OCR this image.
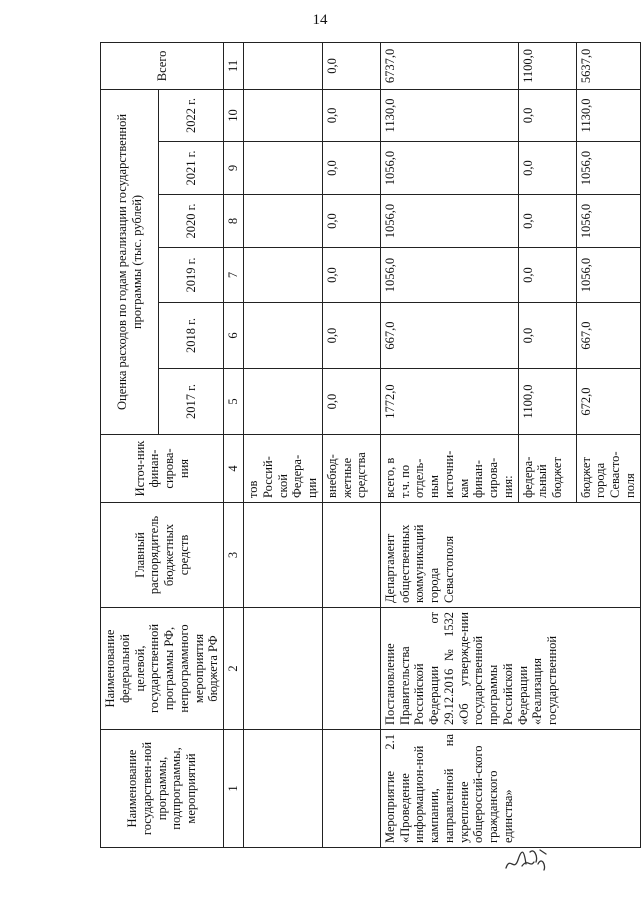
14
Наименование государствен-ной программы, подпрограммы, мероприятий	Наименование федеральной целевой, государственной программы РФ, непрограммного мероприятия бюджета РФ	Главный распорядитель бюджетных средств	Источ-ник финан-сирова-ния	Оценка расходов по годам реализации государственной программы (тыс. рублей)						Всего
				2017 г.	2018 г.	2019 г.	2020 г.	2021 г.	2022 г.	
1	2	3	4	5	6	7	8	9	10	11
			тов Россий-ской Федера-ции							
			внебюд-жетные средства	0,0	0,0	0,0	0,0	0,0	0,0	0,0
Мероприятие 2.1 «Проведение информацион-ной кампании, направленной на укрепление общероссий-ского гражданского единства»	Постановление Правительства Российской Федерации от 29.12.2016 № 1532 «Об утвержде-нии государственной программы Российской Федерации «Реализация государственной	Департамент общественных коммуникаций города Севастополя	всего, в т.ч. по отдель-ным источни-кам финан-сирова-ния:	1772,0	667,0	1056,0	1056,0	1056,0	1130,0	6737,0
			федера-льный бюджет	1100,0	0,0	0,0	0,0	0,0	0,0	1100,0
			бюджет города Севасто-поля	672,0	667,0	1056,0	1056,0	1056,0	1130,0	5637,0
